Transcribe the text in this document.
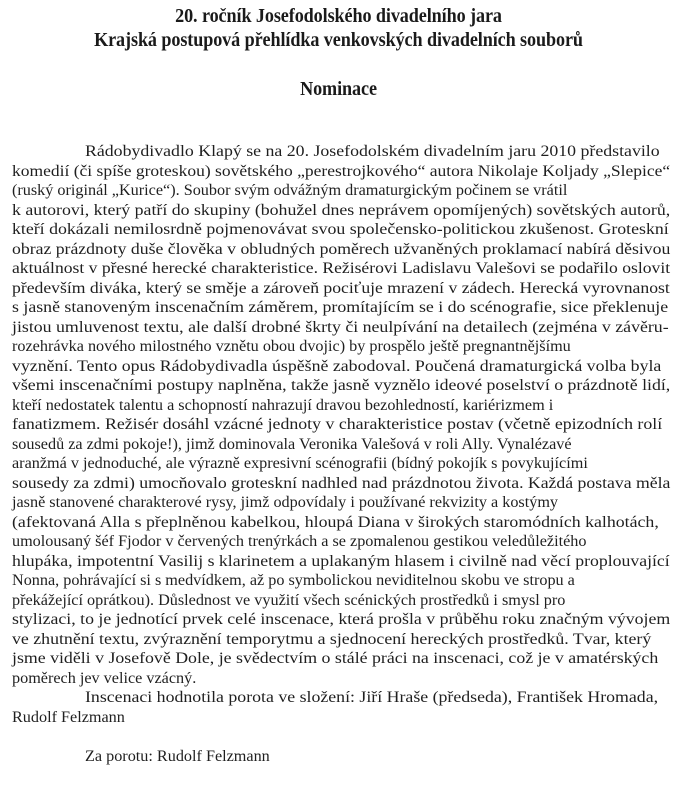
20. ročník Josefodolského divadelního jara
Krajská postupová přehlídka venkovských divadelních souborů
Nominace
Rádobydivadlo Klapý se na 20. Josefodolském divadelním jaru 2010 představilo
komedií (či spíše groteskou) sovětského „perestrojkového“ autora Nikolaje Koljady „Slepice“
(ruský originál „Kurice“). Soubor svým odvážným dramaturgickým počinem se vrátil
k autorovi, který patří do skupiny (bohužel dnes neprávem opomíjených) sovětských autorů,
kteří dokázali nemilosrdně pojmenovávat svou společensko-politickou zkušenost. Groteskní
obraz prázdnoty duše člověka v obludných poměrech užvaněných proklamací nabírá děsivou
aktuálnost v přesné herecké charakteristice. Režisérovi Ladislavu Valešovi se podařilo oslovit
především diváka, který se směje a zároveň pociťuje mrazení v zádech. Herecká vyrovnanost
s jasně stanoveným inscenačním záměrem, promítajícím se i do scénografie, sice překlenuje
jistou umluvenost textu, ale další drobné škrty či neulpívání na detailech (zejména v závěru-
rozehrávka nového milostného vznětu obou dvojic) by prospělo ještě pregnantnějšímu
vyznění. Tento opus Rádobydivadla úspěšně zabodoval. Poučená dramaturgická volba byla
všemi inscenačními postupy naplněna, takže jasně vyznělo ideové poselství o prázdnotě lidí,
kteří nedostatek talentu a schopností nahrazují dravou bezohledností, kariérizmem i
fanatizmem. Režisér dosáhl vzácné jednoty v charakteristice postav (včetně epizodních rolí
sousedů za zdmi pokoje!), jimž dominovala Veronika Valešová v roli Ally. Vynalézavé
aranžmá v jednoduché, ale výrazně expresivní scénografii (bídný pokojík s povykujícími
sousedy za zdmi) umocňovalo groteskní nadhled nad prázdnotou života. Každá postava měla
jasně stanovené charakterové rysy, jimž odpovídaly i používané rekvizity a kostýmy
(afektovaná Alla s přeplněnou kabelkou, hloupá Diana v širokých staromódních kalhotách,
umolousaný šéf Fjodor v červených trenýrkách a se zpomalenou gestikou veledůležitého
hlupáka, impotentní Vasilij s klarinetem a uplakaným hlasem i civilně nad věcí proplouvající
Nonna, pohrávající si s medvídkem, až po symbolickou neviditelnou skobu ve stropu a
překážející oprátkou). Důslednost ve využití všech scénických prostředků i smysl pro
stylizaci, to je jednotící prvek celé inscenace, která prošla v průběhu roku značným vývojem
ve zhutnění textu, zvýraznění temporytmu a sjednocení hereckých prostředků. Tvar, který
jsme viděli v Josefově Dole, je svědectvím o stálé práci na inscenaci, což je v amatérských
poměrech jev velice vzácný.
Inscenaci hodnotila porota ve složení: Jiří Hraše (předseda), František Hromada,
Rudolf Felzmann
Za porotu: Rudolf Felzmann
